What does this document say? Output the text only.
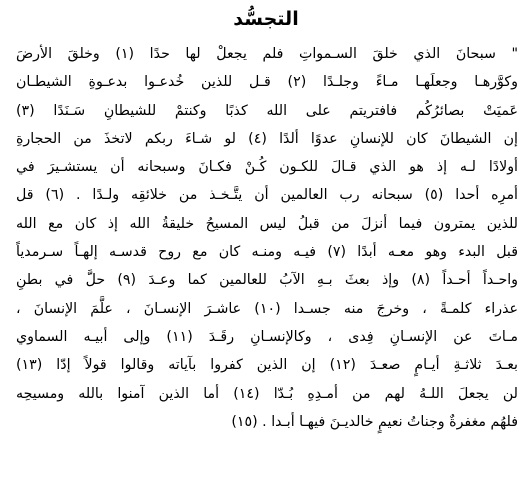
التجسُّد
" سبحانَ الذي خلقَ السـمواتِ فلم يجعلْ لها حدًا (١) وخلقَ الأرضَ
وكوَّرهـا وجعلَهـا مـاءً وجلـدًا (٢) قـل للذين خُدعـوا بدعـوةِ الشيطـان
عَميَتْ بصائرُكُم فافتريتم على الله كذبًا وكنتمْ للشيطانِ سَـنَدًا (٣)
إن الشيطانَ كان للإنسانِ عدوًا ألدًا (٤) لو شـاءَ ربكم لاتخذَ من الحجارةِ
أولادًا لـه إذ هو الذي قـالَ للكـون كُـنْ فكـانَ وسبحانه أن يستشـيرَ في
أمرِه أحدا (٥) سبحانه رب العالمين أن يتَّـخـذ من خلائقِه ولـدًا . (٦) قل
للذين يمترون فيما أنزلَ من قبلُ ليس المسيحُ خليقةُ الله إذ كان مع الله
قبل البدء وهو معـه أبدًا (٧) فيـه ومنـه كان مع روح قدسـه إلهـاً سـرمدياً
واحـداً أحـداً (٨) وإذ بعثَ بـهِ الآبُ للعالمين كما وعـدَ (٩) حلَّ في بطنِ
عذراء كلمـةً ، وخرجَ منه جسـدا (١٠) عاشـرَ الإنسـانَ ، علَّمَ الإنسانَ ،
مـاتَ عن الإنسـانِ فِدى ، وكالإنسـانِ رقَـدَ (١١) وإلى أبيـه السماوي
بعـدَ ثلاثـةِ أيـامٍ صعـدَ (١٢) إن الذين كفروا بآياته وقالوا قولاً إدّا (١٣)
لن يجعلَ اللـهُ لهم من أمـدِهِ بُـدّا (١٤) أما الذين آمنوا بالله ومسيحِه
فلهُم مغفرةٌ وجناتُ نعيمٍ خالديـنَ فيهـا أبـدا . (١٥)
